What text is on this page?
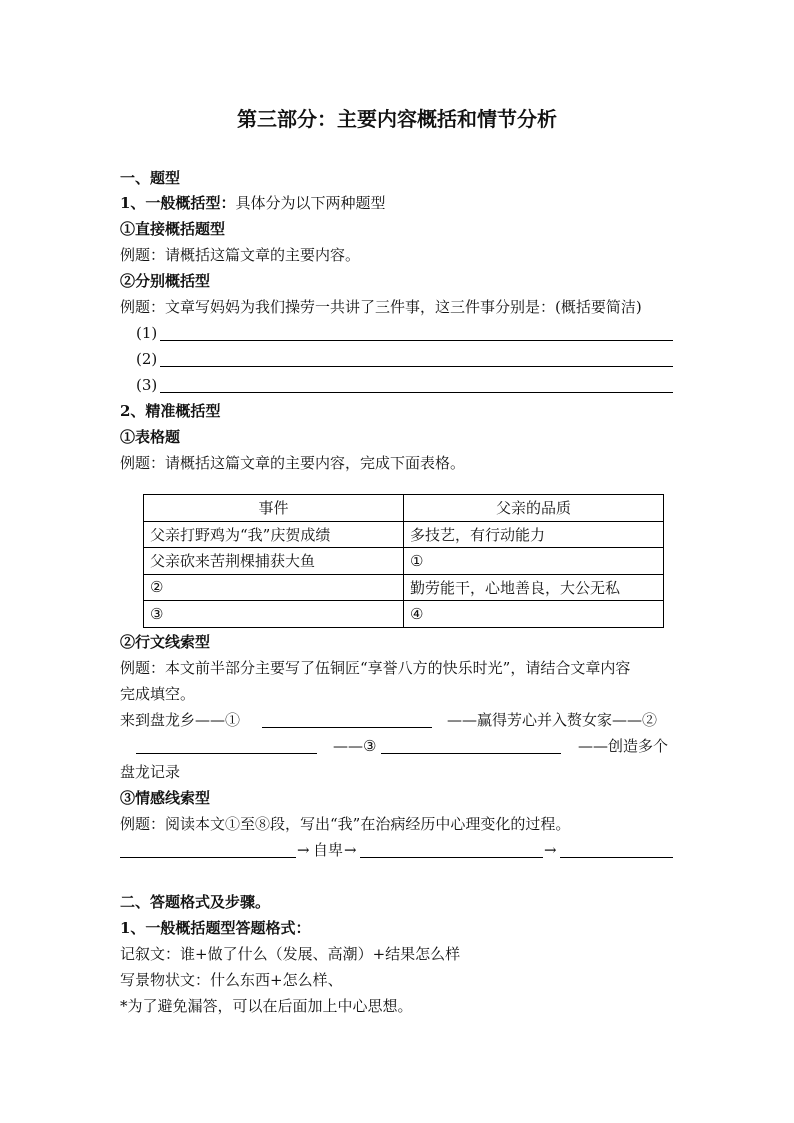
第三部分：主要内容概括和情节分析
一、题型
1、一般概括型：具体分为以下两种题型
①直接概括题型
例题：请概括这篇文章的主要内容。
②分别概括型
例题：文章写妈妈为我们操劳一共讲了三件事，这三件事分别是：(概括要简洁)
(1)
(2)
(3)
2、精准概括型
①表格题
例题：请概括这篇文章的主要内容，完成下面表格。
事件	父亲的品质
父亲打野鸡为“我”庆贺成绩	多技艺，有行动能力
父亲砍来苦荆棵捕获大鱼	①
②	勤劳能干，心地善良，大公无私
③	④
②行文线索型
例题：本文前半部分主要写了伍铜匠“享誉八方的快乐时光”，请结合文章内容
完成填空。
来到盘龙乡——①	——赢得芳心并入赘女家——②
——③	——创造多个
盘龙记录
③情感线索型
例题：阅读本文①至⑧段，写出“我”在治病经历中心理变化的过程。
→ 自卑 →	→
二、答题格式及步骤。
1、一般概括题型答题格式：
记叙文：谁+做了什么（发展、高潮）+结果怎么样
写景物状文：什么东西+怎么样、
*为了避免漏答，可以在后面加上中心思想。
